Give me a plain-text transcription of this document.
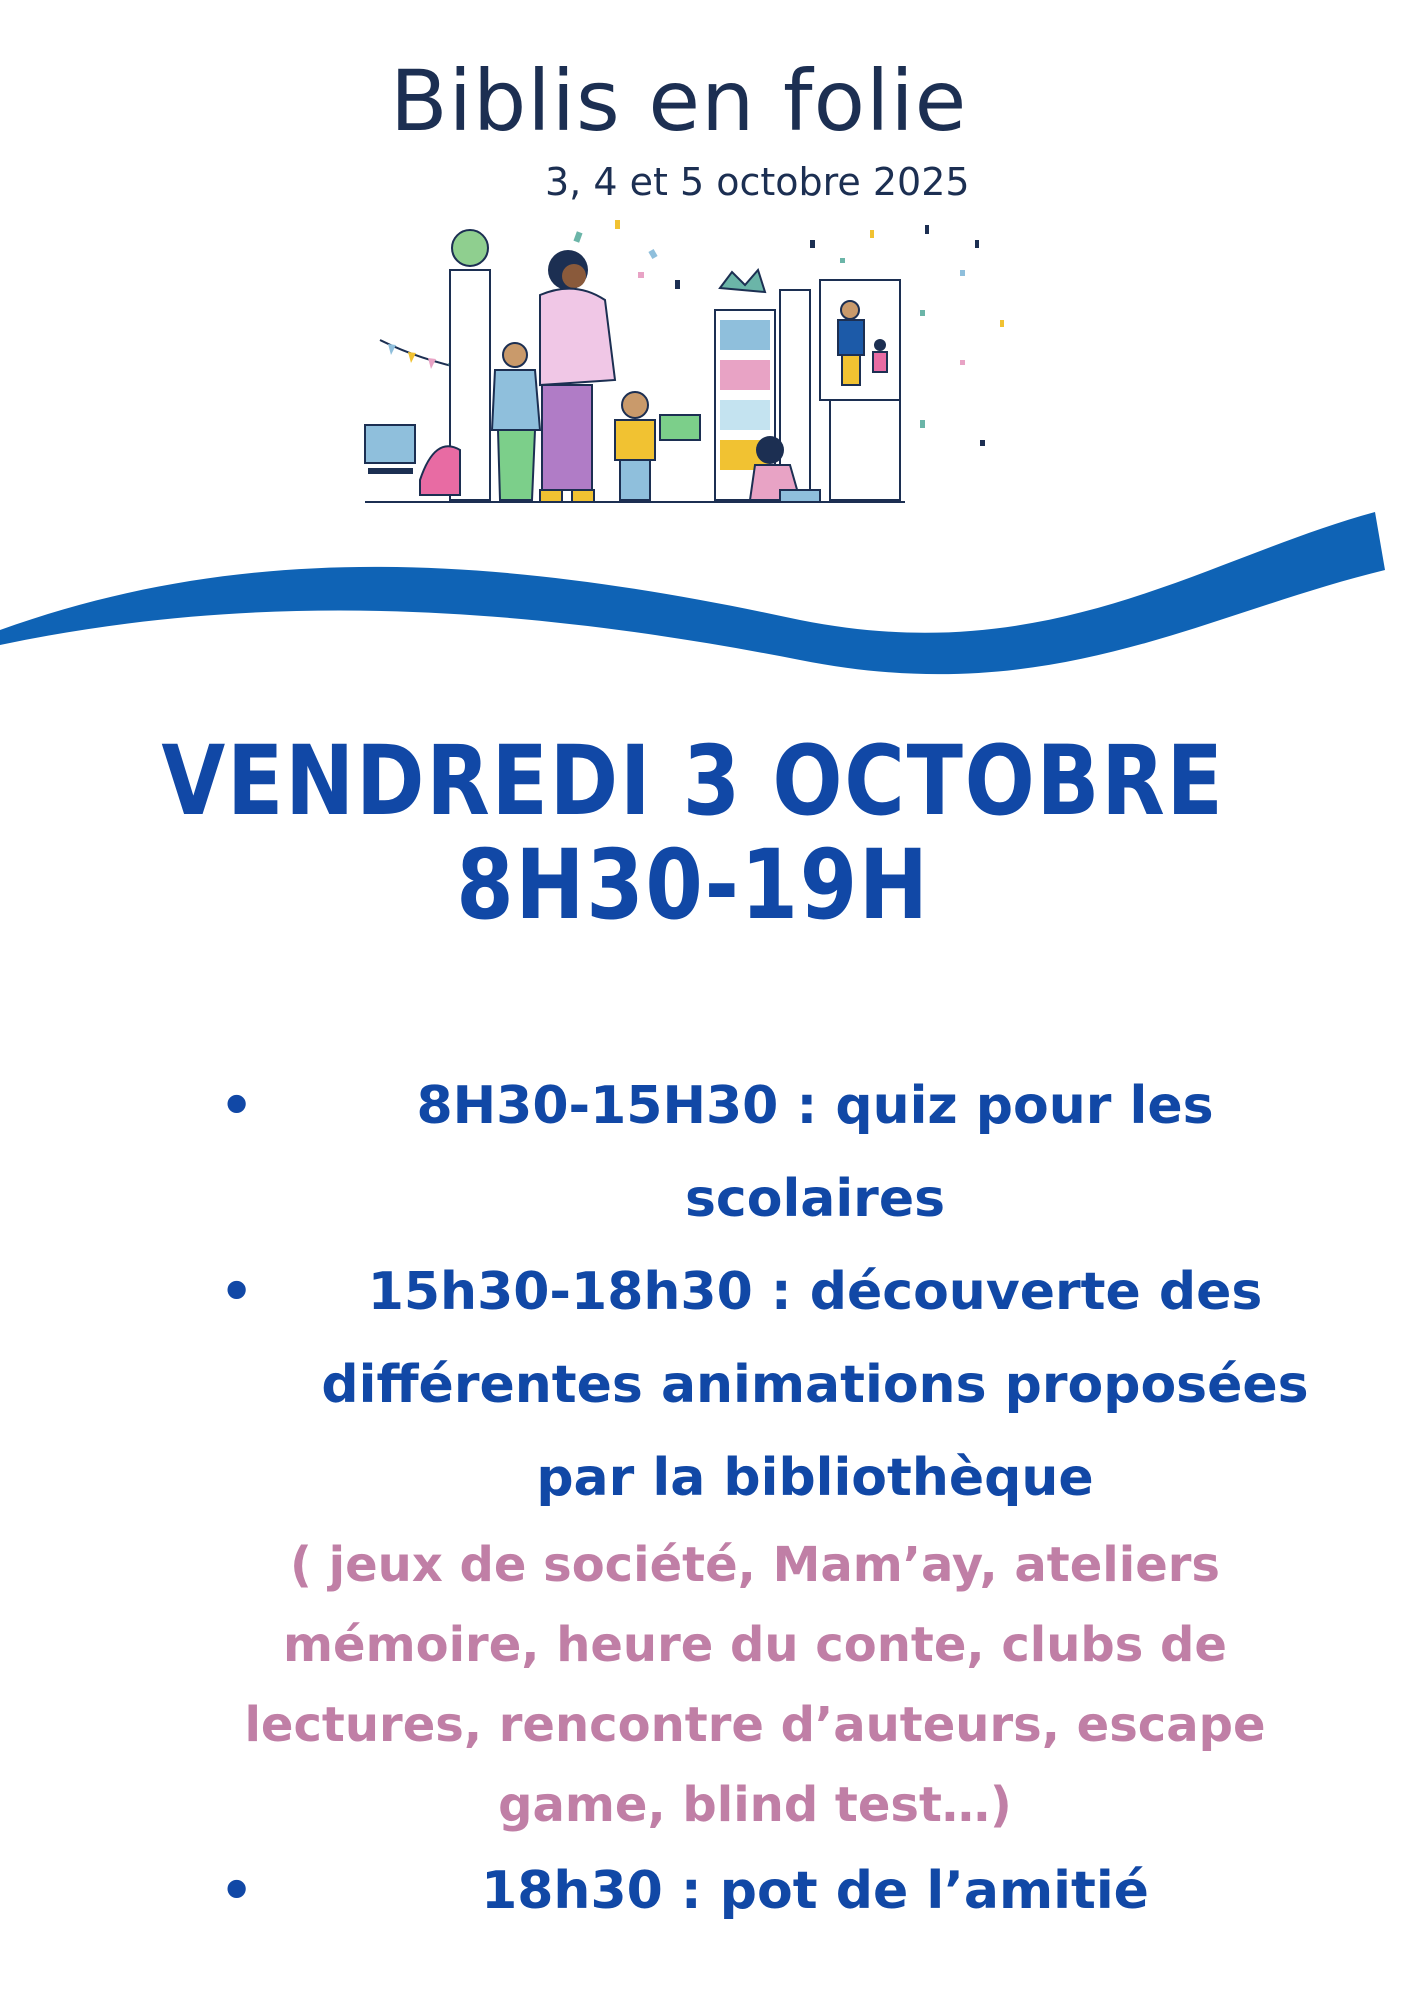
Biblis en folie
3, 4 et 5 octobre 2025
VENDREDI 3 OCTOBRE
8H30-19H
•	8H30-15H30 : quiz pour les scolaires
•	15h30-18h30 : découverte des différentes animations proposées par la bibliothèque
( jeux de société, Mam’ay, ateliers mémoire, heure du conte, clubs de lectures, rencontre d’auteurs, escape game, blind test…)
•	18h30 : pot de l’amitié
